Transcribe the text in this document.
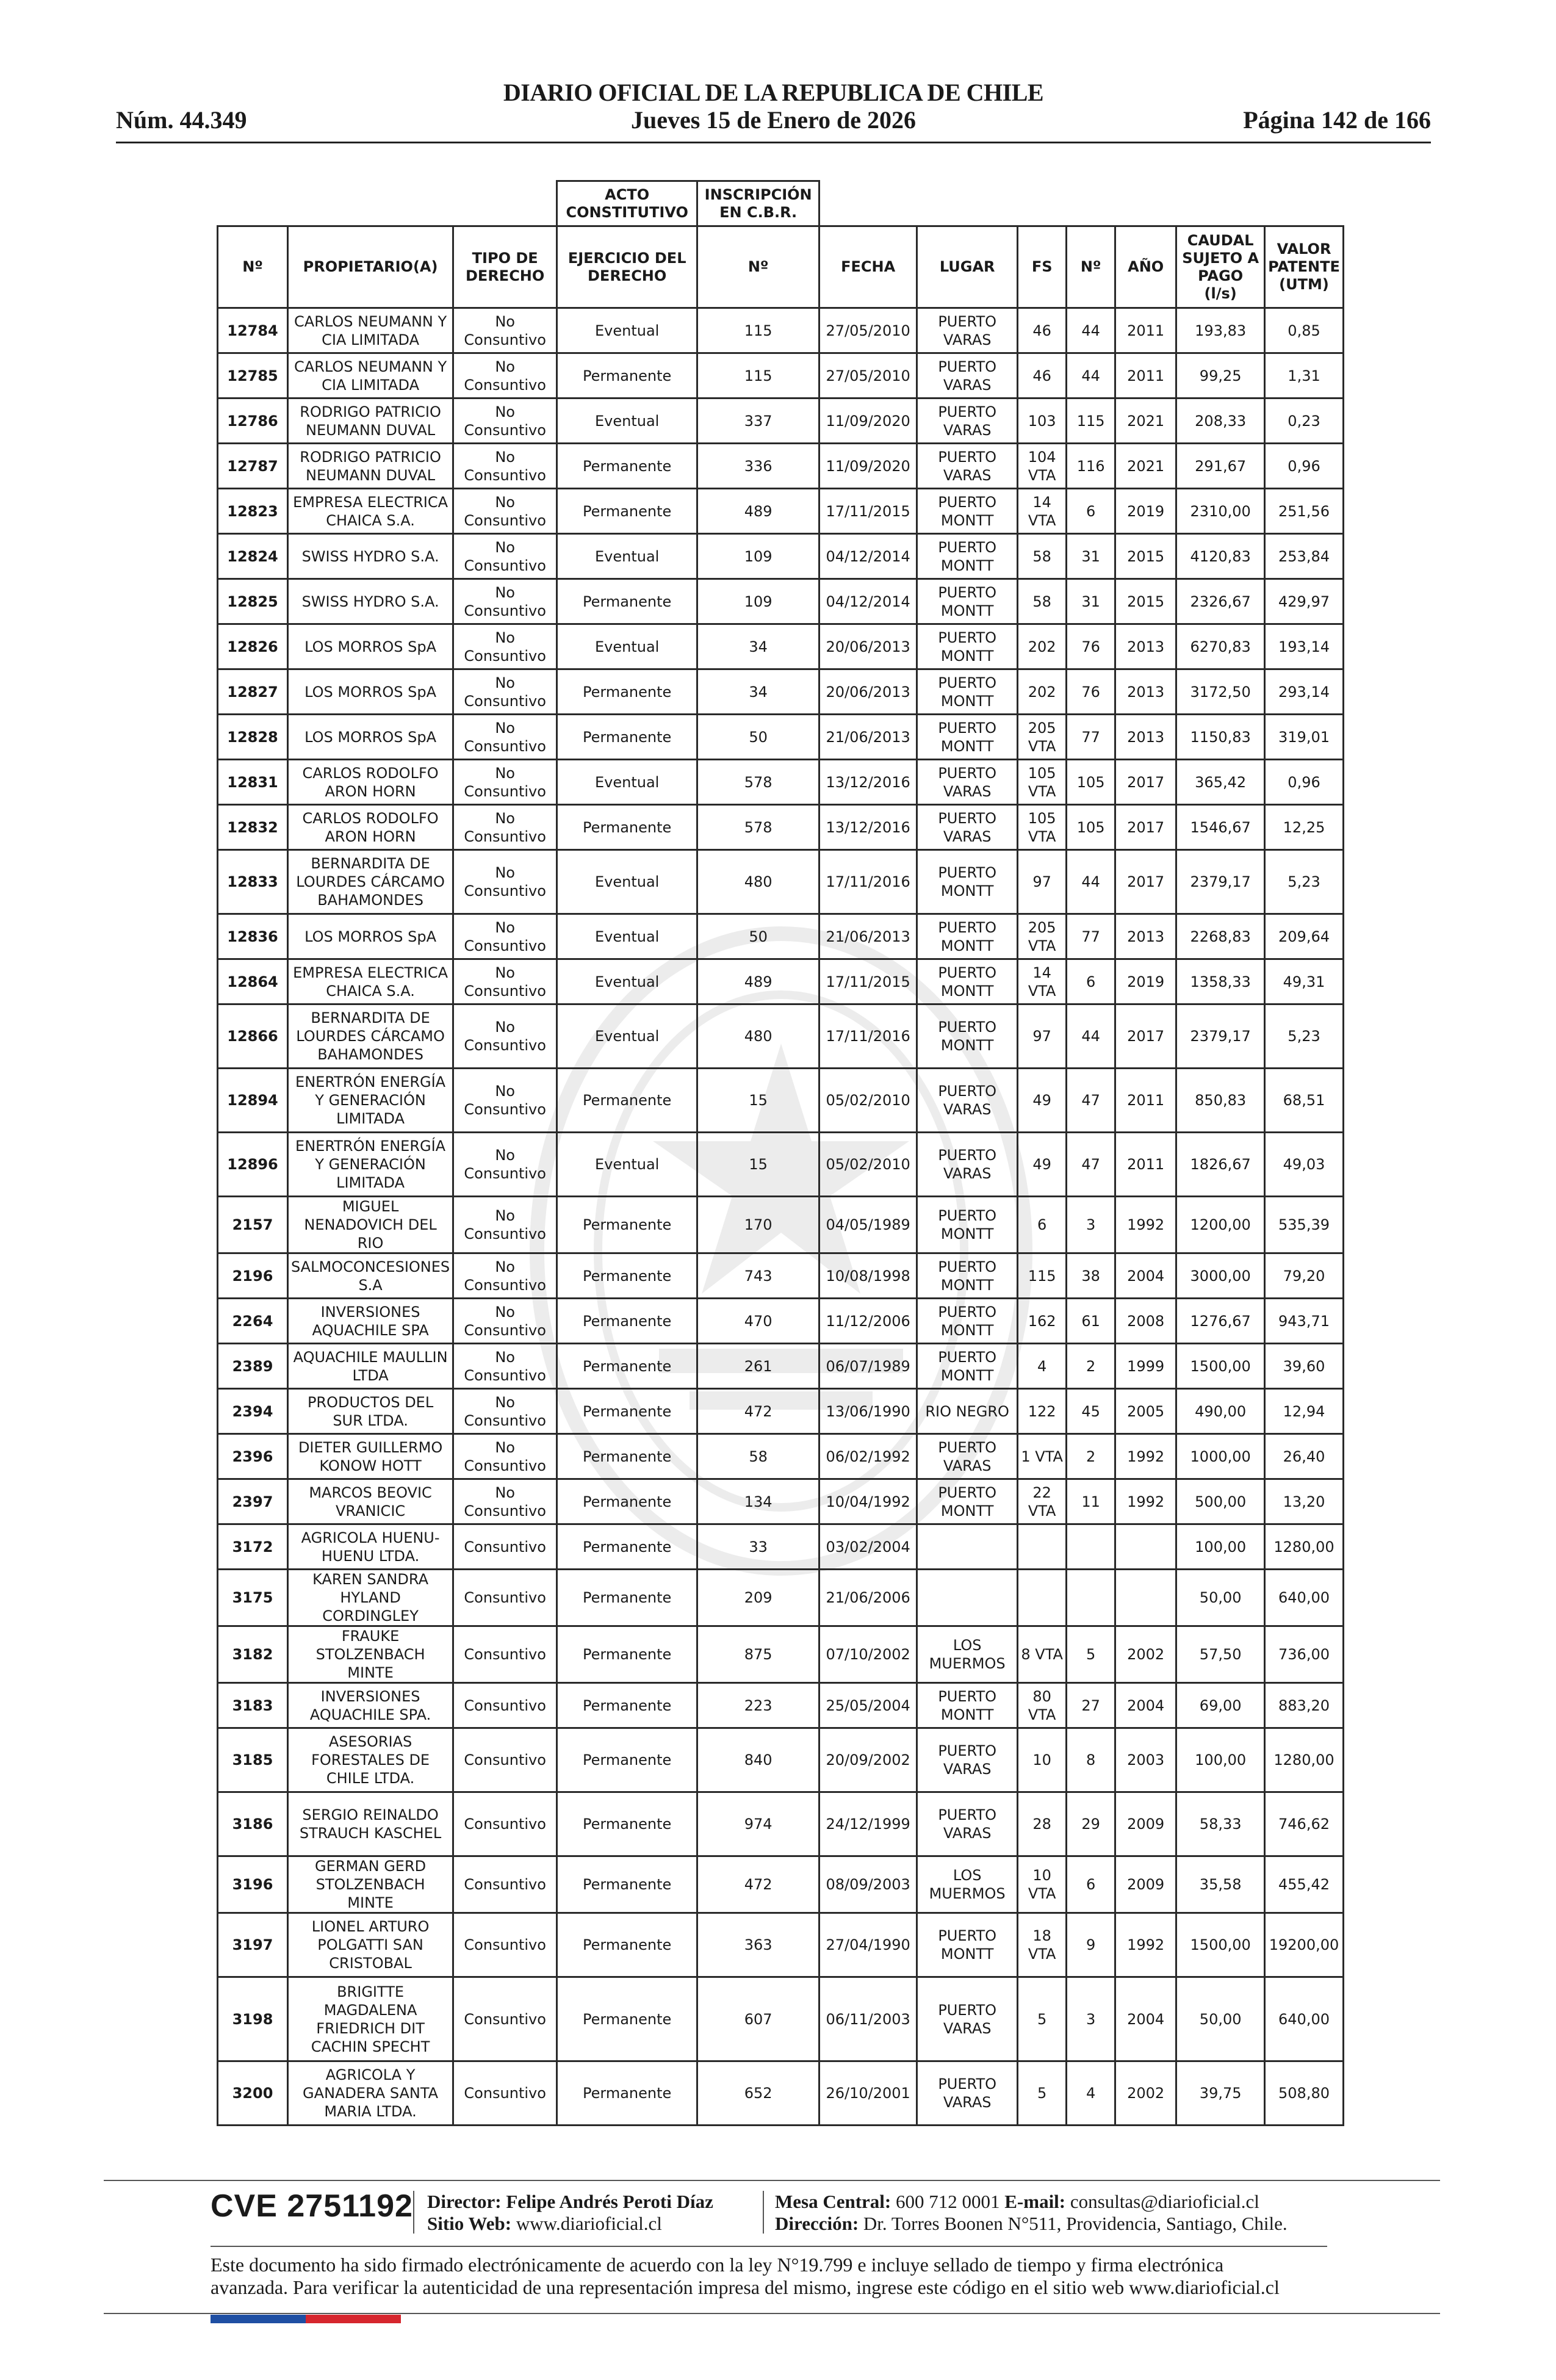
DIARIO OFICIAL DE LA REPUBLICA DE CHILE
Núm. 44.349	Jueves 15 de Enero de 2026	Página 142 de 166
			ACTO CONSTITUTIVO	INSCRIPCIÓN EN C.B.R.							
Nº	PROPIETARIO(A)	TIPO DE DERECHO	EJERCICIO DEL DERECHO	Nº	FECHA	LUGAR	FS	Nº	AÑO	CAUDAL SUJETO A PAGO (l/s)	VALOR PATENTE (UTM)
12784	CARLOS NEUMANN Y CIA LIMITADA	No Consuntivo	Eventual	115	27/05/2010	PUERTO VARAS	46	44	2011	193,83	0,85
12785	CARLOS NEUMANN Y CIA LIMITADA	No Consuntivo	Permanente	115	27/05/2010	PUERTO VARAS	46	44	2011	99,25	1,31
12786	RODRIGO PATRICIO NEUMANN DUVAL	No Consuntivo	Eventual	337	11/09/2020	PUERTO VARAS	103	115	2021	208,33	0,23
12787	RODRIGO PATRICIO NEUMANN DUVAL	No Consuntivo	Permanente	336	11/09/2020	PUERTO VARAS	104 VTA	116	2021	291,67	0,96
12823	EMPRESA ELECTRICA CHAICA S.A.	No Consuntivo	Permanente	489	17/11/2015	PUERTO MONTT	14 VTA	6	2019	2310,00	251,56
12824	SWISS HYDRO S.A.	No Consuntivo	Eventual	109	04/12/2014	PUERTO MONTT	58	31	2015	4120,83	253,84
12825	SWISS HYDRO S.A.	No Consuntivo	Permanente	109	04/12/2014	PUERTO MONTT	58	31	2015	2326,67	429,97
12826	LOS MORROS SpA	No Consuntivo	Eventual	34	20/06/2013	PUERTO MONTT	202	76	2013	6270,83	193,14
12827	LOS MORROS SpA	No Consuntivo	Permanente	34	20/06/2013	PUERTO MONTT	202	76	2013	3172,50	293,14
12828	LOS MORROS SpA	No Consuntivo	Permanente	50	21/06/2013	PUERTO MONTT	205 VTA	77	2013	1150,83	319,01
12831	CARLOS RODOLFO ARON HORN	No Consuntivo	Eventual	578	13/12/2016	PUERTO VARAS	105 VTA	105	2017	365,42	0,96
12832	CARLOS RODOLFO ARON HORN	No Consuntivo	Permanente	578	13/12/2016	PUERTO VARAS	105 VTA	105	2017	1546,67	12,25
12833	BERNARDITA DE LOURDES CÁRCAMO BAHAMONDES	No Consuntivo	Eventual	480	17/11/2016	PUERTO MONTT	97	44	2017	2379,17	5,23
12836	LOS MORROS SpA	No Consuntivo	Eventual	50	21/06/2013	PUERTO MONTT	205 VTA	77	2013	2268,83	209,64
12864	EMPRESA ELECTRICA CHAICA S.A.	No Consuntivo	Eventual	489	17/11/2015	PUERTO MONTT	14 VTA	6	2019	1358,33	49,31
12866	BERNARDITA DE LOURDES CÁRCAMO BAHAMONDES	No Consuntivo	Eventual	480	17/11/2016	PUERTO MONTT	97	44	2017	2379,17	5,23
12894	ENERTRÓN ENERGÍA Y GENERACIÓN LIMITADA	No Consuntivo	Permanente	15	05/02/2010	PUERTO VARAS	49	47	2011	850,83	68,51
12896	ENERTRÓN ENERGÍA Y GENERACIÓN LIMITADA	No Consuntivo	Eventual	15	05/02/2010	PUERTO VARAS	49	47	2011	1826,67	49,03
2157	MIGUEL NENADOVICH DEL RIO	No Consuntivo	Permanente	170	04/05/1989	PUERTO MONTT	6	3	1992	1200,00	535,39
2196	SALMOCONCESIONES S.A	No Consuntivo	Permanente	743	10/08/1998	PUERTO MONTT	115	38	2004	3000,00	79,20
2264	INVERSIONES AQUACHILE SPA	No Consuntivo	Permanente	470	11/12/2006	PUERTO MONTT	162	61	2008	1276,67	943,71
2389	AQUACHILE MAULLIN LTDA	No Consuntivo	Permanente	261	06/07/1989	PUERTO MONTT	4	2	1999	1500,00	39,60
2394	PRODUCTOS DEL SUR LTDA.	No Consuntivo	Permanente	472	13/06/1990	RIO NEGRO	122	45	2005	490,00	12,94
2396	DIETER GUILLERMO KONOW HOTT	No Consuntivo	Permanente	58	06/02/1992	PUERTO VARAS	1 VTA	2	1992	1000,00	26,40
2397	MARCOS BEOVIC VRANICIC	No Consuntivo	Permanente	134	10/04/1992	PUERTO MONTT	22 VTA	11	1992	500,00	13,20
3172	AGRICOLA HUENU-HUENU LTDA.	Consuntivo	Permanente	33	03/02/2004					100,00	1280,00
3175	KAREN SANDRA HYLAND CORDINGLEY	Consuntivo	Permanente	209	21/06/2006					50,00	640,00
3182	FRAUKE STOLZENBACH MINTE	Consuntivo	Permanente	875	07/10/2002	LOS MUERMOS	8 VTA	5	2002	57,50	736,00
3183	INVERSIONES AQUACHILE SPA.	Consuntivo	Permanente	223	25/05/2004	PUERTO MONTT	80 VTA	27	2004	69,00	883,20
3185	ASESORIAS FORESTALES DE CHILE LTDA.	Consuntivo	Permanente	840	20/09/2002	PUERTO VARAS	10	8	2003	100,00	1280,00
3186	SERGIO REINALDO STRAUCH KASCHEL	Consuntivo	Permanente	974	24/12/1999	PUERTO VARAS	28	29	2009	58,33	746,62
3196	GERMAN GERD STOLZENBACH MINTE	Consuntivo	Permanente	472	08/09/2003	LOS MUERMOS	10 VTA	6	2009	35,58	455,42
3197	LIONEL ARTURO POLGATTI SAN CRISTOBAL	Consuntivo	Permanente	363	27/04/1990	PUERTO MONTT	18 VTA	9	1992	1500,00	19200,00
3198	BRIGITTE MAGDALENA FRIEDRICH DIT CACHIN SPECHT	Consuntivo	Permanente	607	06/11/2003	PUERTO VARAS	5	3	2004	50,00	640,00
3200	AGRICOLA Y GANADERA SANTA MARIA LTDA.	Consuntivo	Permanente	652	26/10/2001	PUERTO VARAS	5	4	2002	39,75	508,80
CVE 2751192 Director: Felipe Andrés Peroti Díaz
Sitio Web: www.diarioficial.cl
Mesa Central: 600 712 0001 E-mail: consultas@diarioficial.cl
Dirección: Dr. Torres Boonen N°511, Providencia, Santiago, Chile.
Este documento ha sido firmado electrónicamente de acuerdo con la ley N°19.799 e incluye sellado de tiempo y firma electrónica
avanzada. Para verificar la autenticidad de una representación impresa del mismo, ingrese este código en el sitio web www.diarioficial.cl
